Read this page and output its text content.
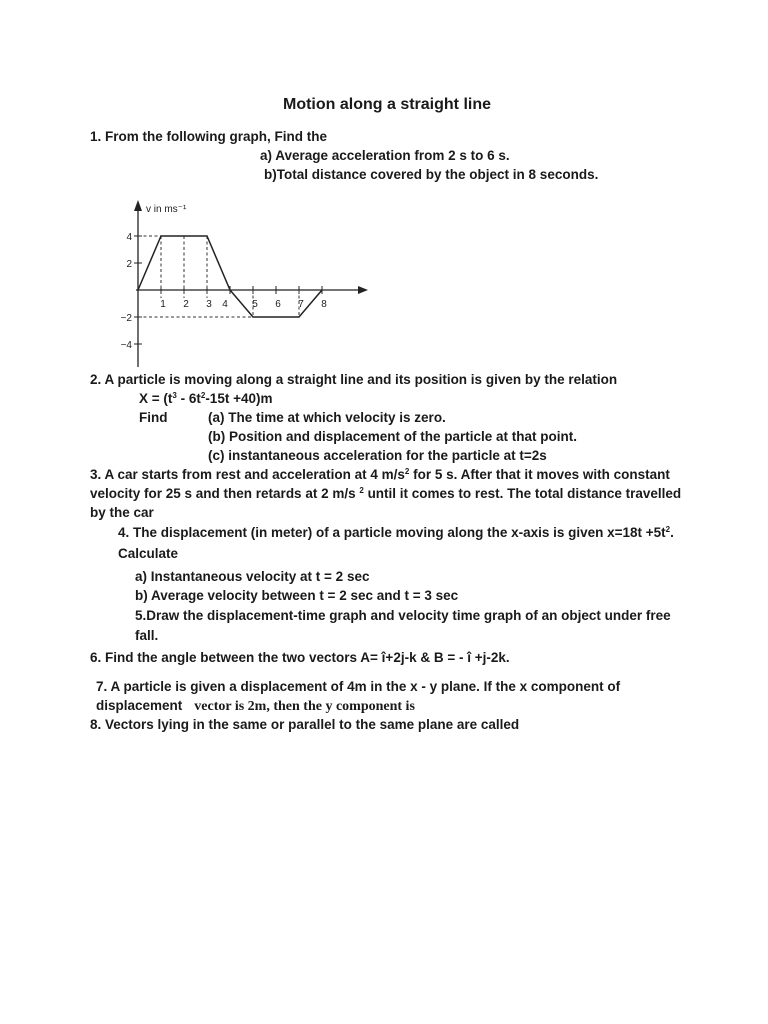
Motion along a straight line
1. From the following graph, Find the
a) Average acceleration from 2 s to 6 s.
b)Total distance covered by the object in 8 seconds.
v in ms⁻¹
4
2
−2
−4
1 2 3 4 5 6 7 8
2. A particle is moving along a straight line and its position is given by the relation
$X = (t^3 - 6t^2-15t +40)m$
Find	(a) The time at which velocity is zero.
(b) Position and displacement of the particle at that point.
(c) instantaneous acceleration for the particle at t=2s
3. A car starts from rest and acceleration at 4 $m/s^2$ for 5 s. After that it moves with constant
velocity for 25 s and then retards at 2 m/s $^2$ until it comes to rest. The total distance travelled
by the car
4. The displacement (in meter) of a particle moving along the x-axis is given $x=18t +5t^2$.
Calculate
a) Instantaneous velocity at t = 2 sec
b) Average velocity between t = 2 sec and t = 3 sec
5.Draw the displacement-time graph and velocity time graph of an object under free
fall.
6. Find the angle between the two vectors A= î+2j-k & B = - î +j-2k.
7. A particle is given a displacement of 4m in the x - y plane. If the x component of
displacement vector is 2m, then the y component is
8. Vectors lying in the same or parallel to the same plane are called
